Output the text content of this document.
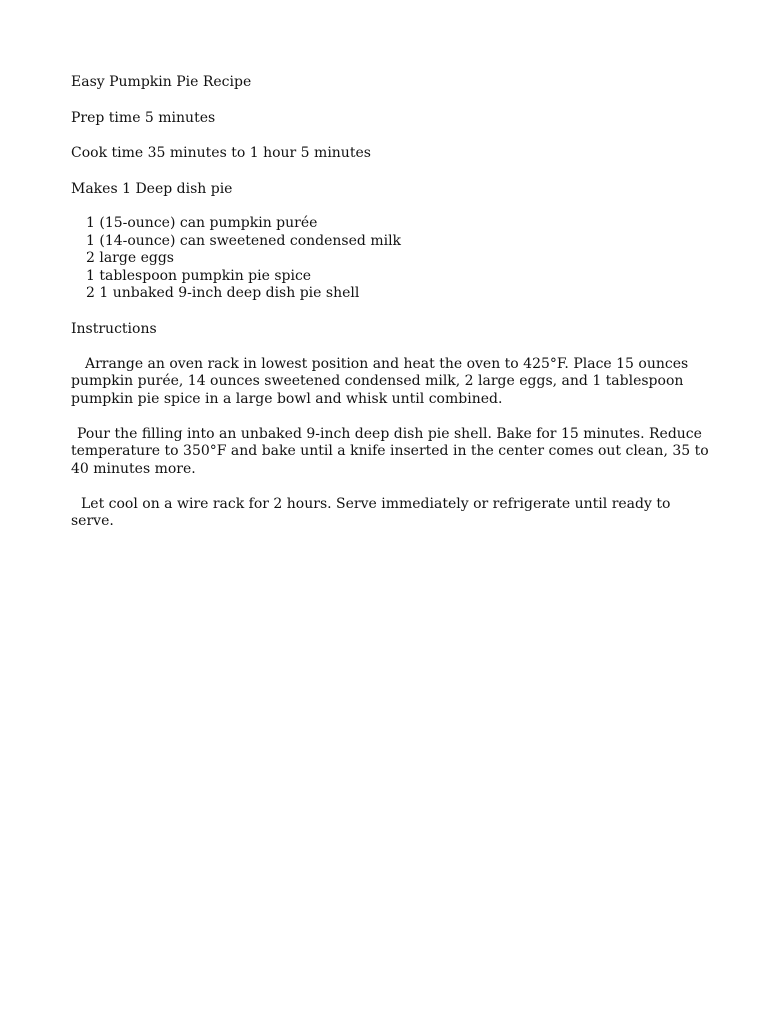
Easy Pumpkin Pie Recipe

Prep time 5 minutes

Cook time 35 minutes to 1 hour 5 minutes

Makes 1 Deep dish pie

1 (15-ounce) can pumpkin purée
1 (14-ounce) can sweetened condensed milk
2 large eggs
1 tablespoon pumpkin pie spice
2 1 unbaked 9-inch deep dish pie shell

Instructions

Arrange an oven rack in lowest position and heat the oven to 425°F. Place 15 ounces pumpkin purée, 14 ounces sweetened condensed milk, 2 large eggs, and 1 tablespoon pumpkin pie spice in a large bowl and whisk until combined.

Pour the filling into an unbaked 9-inch deep dish pie shell. Bake for 15 minutes. Reduce temperature to 350°F and bake until a knife inserted in the center comes out clean, 35 to 40 minutes more.

Let cool on a wire rack for 2 hours. Serve immediately or refrigerate until ready to serve.
